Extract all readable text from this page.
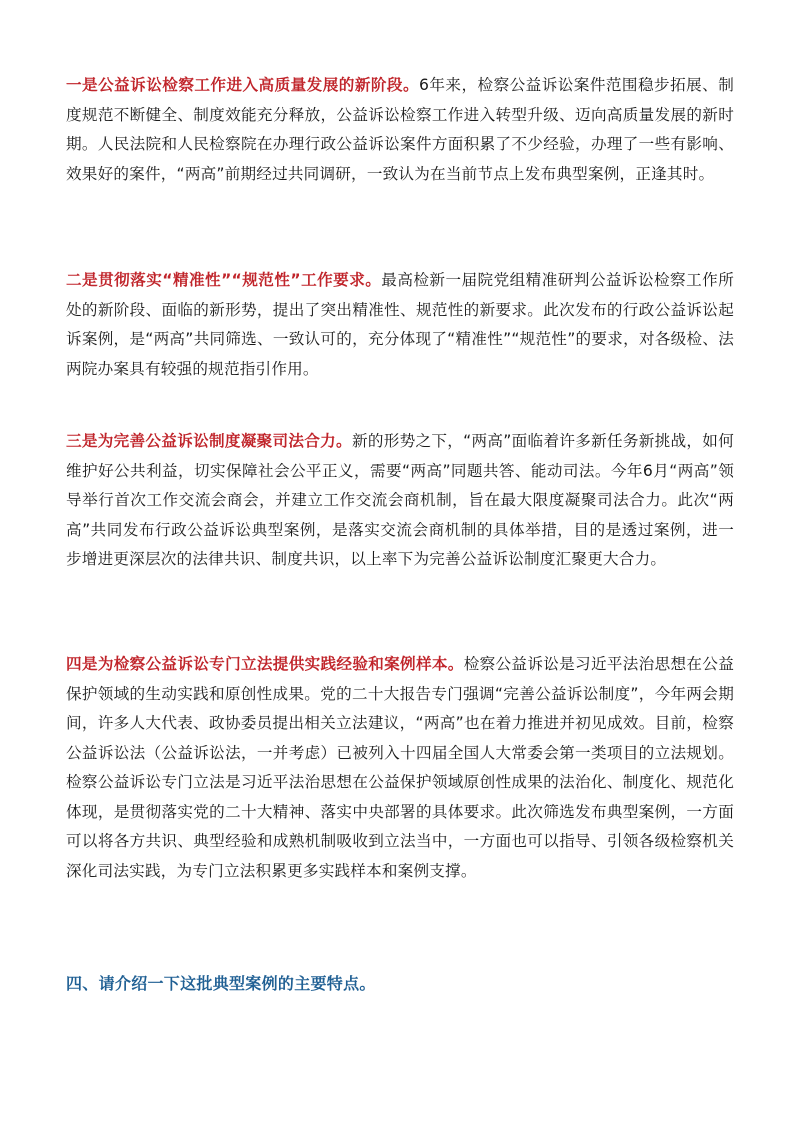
一是公益诉讼检察工作进入高质量发展的新阶段。6年来，检察公益诉讼案件范围稳步拓展、制度规范不断健全、制度效能充分释放，公益诉讼检察工作进入转型升级、迈向高质量发展的新时期。人民法院和人民检察院在办理行政公益诉讼案件方面积累了不少经验，办理了一些有影响、效果好的案件，“两高”前期经过共同调研，一致认为在当前节点上发布典型案例，正逢其时。

二是贯彻落实“精准性”“规范性”工作要求。最高检新一届院党组精准研判公益诉讼检察工作所处的新阶段、面临的新形势，提出了突出精准性、规范性的新要求。此次发布的行政公益诉讼起诉案例，是“两高”共同筛选、一致认可的，充分体现了“精准性”“规范性”的要求，对各级检、法两院办案具有较强的规范指引作用。

三是为完善公益诉讼制度凝聚司法合力。新的形势之下，“两高”面临着许多新任务新挑战，如何维护好公共利益，切实保障社会公平正义，需要“两高”同题共答、能动司法。今年6月“两高”领导举行首次工作交流会商会，并建立工作交流会商机制，旨在最大限度凝聚司法合力。此次“两高”共同发布行政公益诉讼典型案例，是落实交流会商机制的具体举措，目的是透过案例，进一步增进更深层次的法律共识、制度共识，以上率下为完善公益诉讼制度汇聚更大合力。

四是为检察公益诉讼专门立法提供实践经验和案例样本。检察公益诉讼是习近平法治思想在公益保护领域的生动实践和原创性成果。党的二十大报告专门强调“完善公益诉讼制度”，今年两会期间，许多人大代表、政协委员提出相关立法建议，“两高”也在着力推进并初见成效。目前，检察公益诉讼法（公益诉讼法，一并考虑）已被列入十四届全国人大常委会第一类项目的立法规划。检察公益诉讼专门立法是习近平法治思想在公益保护领域原创性成果的法治化、制度化、规范化体现，是贯彻落实党的二十大精神、落实中央部署的具体要求。此次筛选发布典型案例，一方面可以将各方共识、典型经验和成熟机制吸收到立法当中，一方面也可以指导、引领各级检察机关深化司法实践，为专门立法积累更多实践样本和案例支撑。

四、请介绍一下这批典型案例的主要特点。
